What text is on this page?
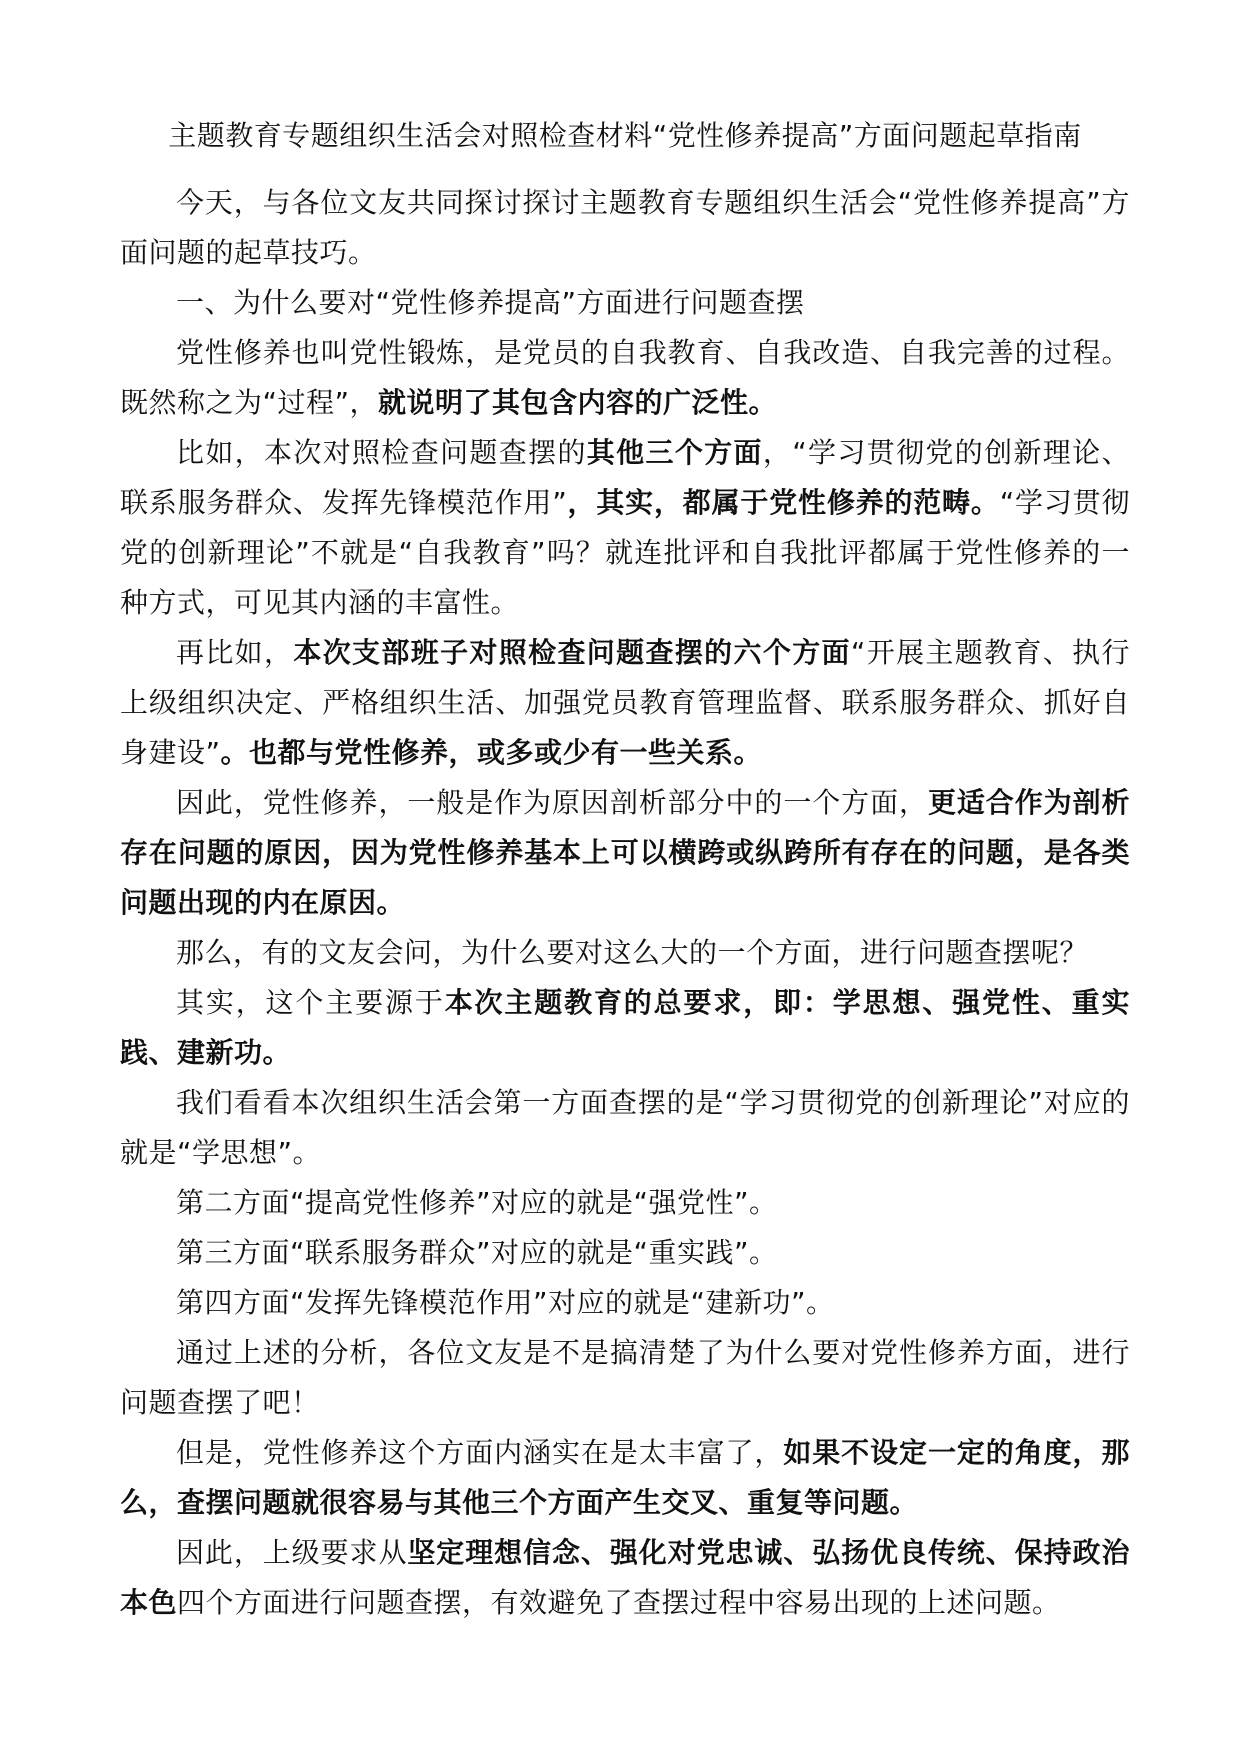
主题教育专题组织生活会对照检查材料“党性修养提高”方面问题起草指南

今天，与各位文友共同探讨探讨主题教育专题组织生活会“党性修养提高”方面问题的起草技巧。

一、为什么要对“党性修养提高”方面进行问题查摆

党性修养也叫党性锻炼，是党员的自我教育、自我改造、自我完善的过程。既然称之为“过程”，就说明了其包含内容的广泛性。

比如，本次对照检查问题查摆的其他三个方面，“学习贯彻党的创新理论、联系服务群众、发挥先锋模范作用”，其实，都属于党性修养的范畴。“学习贯彻党的创新理论”不就是“自我教育”吗？就连批评和自我批评都属于党性修养的一种方式，可见其内涵的丰富性。

再比如，本次支部班子对照检查问题查摆的六个方面“开展主题教育、执行上级组织决定、严格组织生活、加强党员教育管理监督、联系服务群众、抓好自身建设”。也都与党性修养，或多或少有一些关系。

因此，党性修养，一般是作为原因剖析部分中的一个方面，更适合作为剖析存在问题的原因，因为党性修养基本上可以横跨或纵跨所有存在的问题，是各类问题出现的内在原因。

那么，有的文友会问，为什么要对这么大的一个方面，进行问题查摆呢？

其实，这个主要源于本次主题教育的总要求，即：学思想、强党性、重实践、建新功。

我们看看本次组织生活会第一方面查摆的是“学习贯彻党的创新理论”对应的就是“学思想”。

第二方面“提高党性修养”对应的就是“强党性”。

第三方面“联系服务群众”对应的就是“重实践”。

第四方面“发挥先锋模范作用”对应的就是“建新功”。

通过上述的分析，各位文友是不是搞清楚了为什么要对党性修养方面，进行问题查摆了吧！

但是，党性修养这个方面内涵实在是太丰富了，如果不设定一定的角度，那么，查摆问题就很容易与其他三个方面产生交叉、重复等问题。

因此，上级要求从坚定理想信念、强化对党忠诚、弘扬优良传统、保持政治本色四个方面进行问题查摆，有效避免了查摆过程中容易出现的上述问题。
